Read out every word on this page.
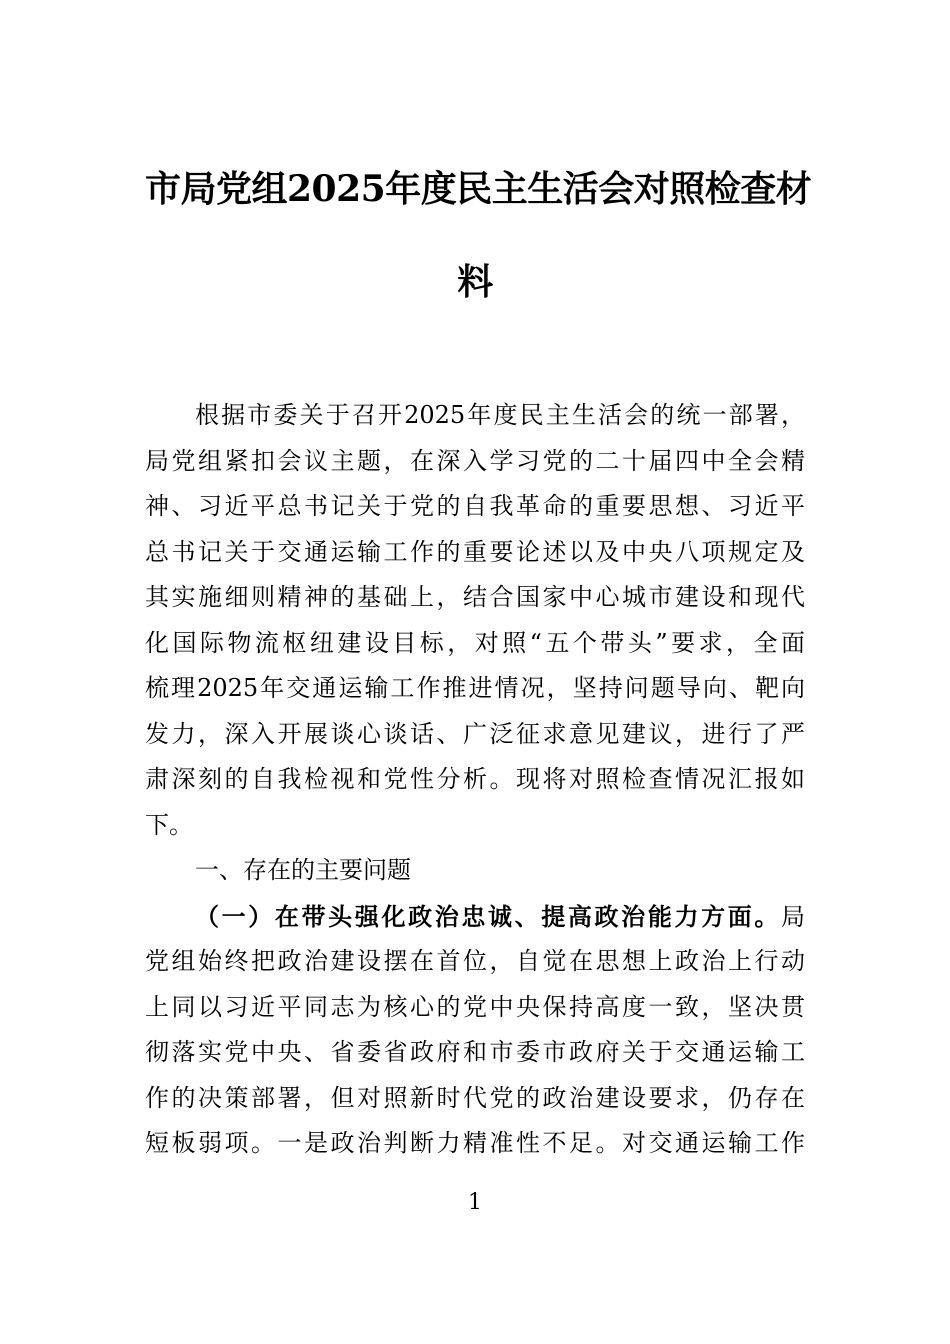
市局党组2025年度民主生活会对照检查材
料
根据市委关于召开2025年度民主生活会的统一部署，
局党组紧扣会议主题，在深入学习党的二十届四中全会精
神、习近平总书记关于党的自我革命的重要思想、习近平
总书记关于交通运输工作的重要论述以及中央八项规定及
其实施细则精神的基础上，结合国家中心城市建设和现代
化国际物流枢纽建设目标，对照“五个带头”要求，全面
梳理2025年交通运输工作推进情况，坚持问题导向、靶向
发力，深入开展谈心谈话、广泛征求意见建议，进行了严
肃深刻的自我检视和党性分析。现将对照检查情况汇报如
下。
一、存在的主要问题
（一）在带头强化政治忠诚、提高政治能力方面。局
党组始终把政治建设摆在首位，自觉在思想上政治上行动
上同以习近平同志为核心的党中央保持高度一致，坚决贯
彻落实党中央、省委省政府和市委市政府关于交通运输工
作的决策部署，但对照新时代党的政治建设要求，仍存在
短板弱项。一是政治判断力精准性不足。对交通运输工作
1
